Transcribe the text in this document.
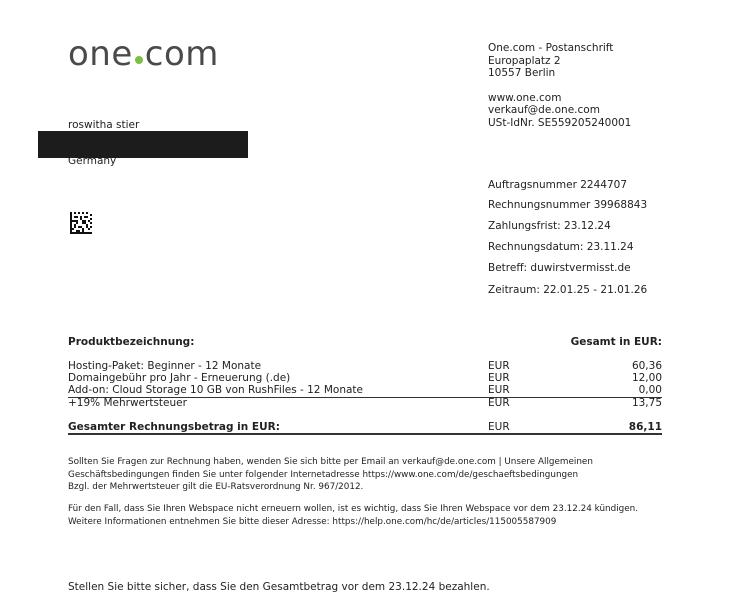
one com	One.com - Postanschrift
Europaplatz 2
10557 Berlin
www.one.com
verkauf@de.one.com
USt-IdNr. SE559205240001
roswitha stier
Germany
Auftragsnummer 2244707
Rechnungsnummer 39968843
Zahlungsfrist: 23.12.24
Rechnungsdatum: 23.11.24
Betreff: duwirstvermisst.de
Zeitraum: 22.01.25 - 21.01.26
Produktbezeichnung:	Gesamt in EUR:
Hosting-Paket: Beginner - 12 Monate	EUR	60,36
Domaingebühr pro Jahr - Erneuerung (.de)	EUR	12,00
Add-on: Cloud Storage 10 GB von RushFiles - 12 Monate	EUR	0,00
+19% Mehrwertsteuer	EUR	13,75
Gesamter Rechnungsbetrag in EUR:	EUR	86,11
Sollten Sie Fragen zur Rechnung haben, wenden Sie sich bitte per Email an verkauf@de.one.com | Unsere Allgemeinen
Geschäftsbedingungen finden Sie unter folgender Internetadresse https://www.one.com/de/geschaeftsbedingungen
Bzgl. der Mehrwertsteuer gilt die EU-Ratsverordnung Nr. 967/2012.
Für den Fall, dass Sie Ihren Webspace nicht erneuern wollen, ist es wichtig, dass Sie Ihren Webspace vor dem 23.12.24 kündigen.
Weitere Informationen entnehmen Sie bitte dieser Adresse: https://help.one.com/hc/de/articles/115005587909
Stellen Sie bitte sicher, dass Sie den Gesamtbetrag vor dem 23.12.24 bezahlen.
